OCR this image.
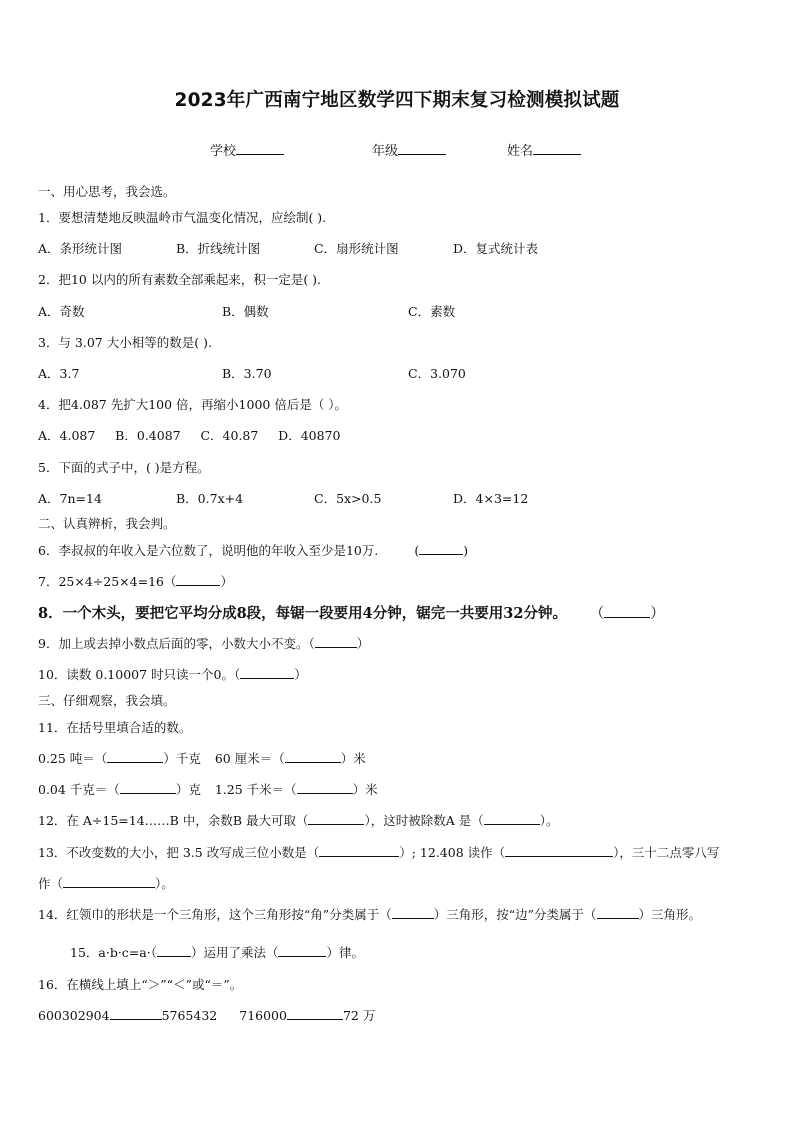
2023年广西南宁地区数学四下期末复习检测模拟试题
学校	年级	姓名
一、用心思考，我会选。
1．要想清楚地反映温岭市气温变化情况，应绘制( ).
A．条形统计图	B．折线统计图	C．扇形统计图	D．复式统计表
2．把10 以内的所有素数全部乘起来，积一定是( ).
A．奇数	B．偶数	C．素数
3．与 3.07 大小相等的数是( ).
A．3.7	B．3.70	C．3.070
4．把4.087 先扩大100 倍，再缩小1000 倍后是（ ）。
A．4.087     B．0.4087     C．40.87     D．40870
5．下面的式子中，( )是方程。
A．7n=14	B．0.7x+4	C．5x>0.5	D．4×3=12
二、认真辨析，我会判。
6．李叔叔的年收入是六位数了，说明他的年收入至少是10万.	(	)
7．25×4÷25×4=16（	）
8．一个木头，要把它平均分成8段，每锯一段要用4分钟，锯完一共要用32分钟。 （	）
9．加上或去掉小数点后面的零，小数大小不变。（	）
10．读数 0.10007 时只读一个0。（	）
三、仔细观察，我会填。
11．在括号里填合适的数。
0.25 吨＝（	）千克 60 厘米＝（	）米
0.04 千克＝（	）克 1.25 千米＝（	）米
12．在 A÷15=14……B 中，余数B 最大可取（	），这时被除数A 是（	）。
13．不改变数的大小，把 3.5 改写成三位小数是（	）; 12.408 读作（	），三十二点零八写
作（	）。
14．红领巾的形状是一个三角形，这个三角形按“角”分类属于（	）三角形，按“边”分类属于（	）三角形。
15．a·b·c=a·（	）运用了乘法（	）律。
16．在横线上填上“＞”“＜”或“＝”。
600302904	5765432 716000	72 万
